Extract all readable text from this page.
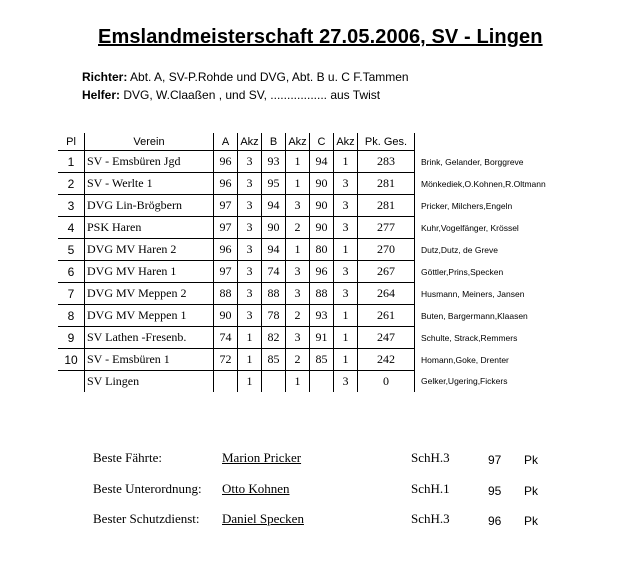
Emslandmeisterschaft 27.05.2006, SV - Lingen
Richter: Abt. A, SV-P.Rohde und DVG, Abt. B u. C F.Tammen
Helfer: DVG, W.Claaßen , und SV, ................. aus Twist
Pl	Verein	A	Akz	B	Akz	C	Akz	Pk. Ges.	
1	SV - Emsbüren Jgd	96	3	93	1	94	1	283	Brink, Gelander, Borggreve
2	SV - Werlte 1	96	3	95	1	90	3	281	Mönkediek,O.Kohnen,R.Oltmann
3	DVG Lin-Brögbern	97	3	94	3	90	3	281	Pricker, Milchers,Engeln
4	PSK Haren	97	3	90	2	90	3	277	Kuhr,Vogelfänger, Krössel
5	DVG MV Haren 2	96	3	94	1	80	1	270	Dutz,Dutz, de Greve
6	DVG MV Haren 1	97	3	74	3	96	3	267	Göttler,Prins,Specken
7	DVG MV Meppen 2	88	3	88	3	88	3	264	Husmann, Meiners, Jansen
8	DVG MV Meppen 1	90	3	78	2	93	1	261	Buten, Bargermann,Klaasen
9	SV Lathen -Fresenb.	74	1	82	3	91	1	247	Schulte, Strack,Remmers
10	SV - Emsbüren 1	72	1	85	2	85	1	242	Homann,Goke, Drenter
	SV Lingen		1		1		3	0	Gelker,Ugering,Fickers
Beste Fährte:	Marion Pricker	SchH.3	97 Pk
Beste Unterordnung: Otto Kohnen	SchH.1	95 Pk
Bester Schutzdienst: Daniel Specken	SchH.3	96 Pk
